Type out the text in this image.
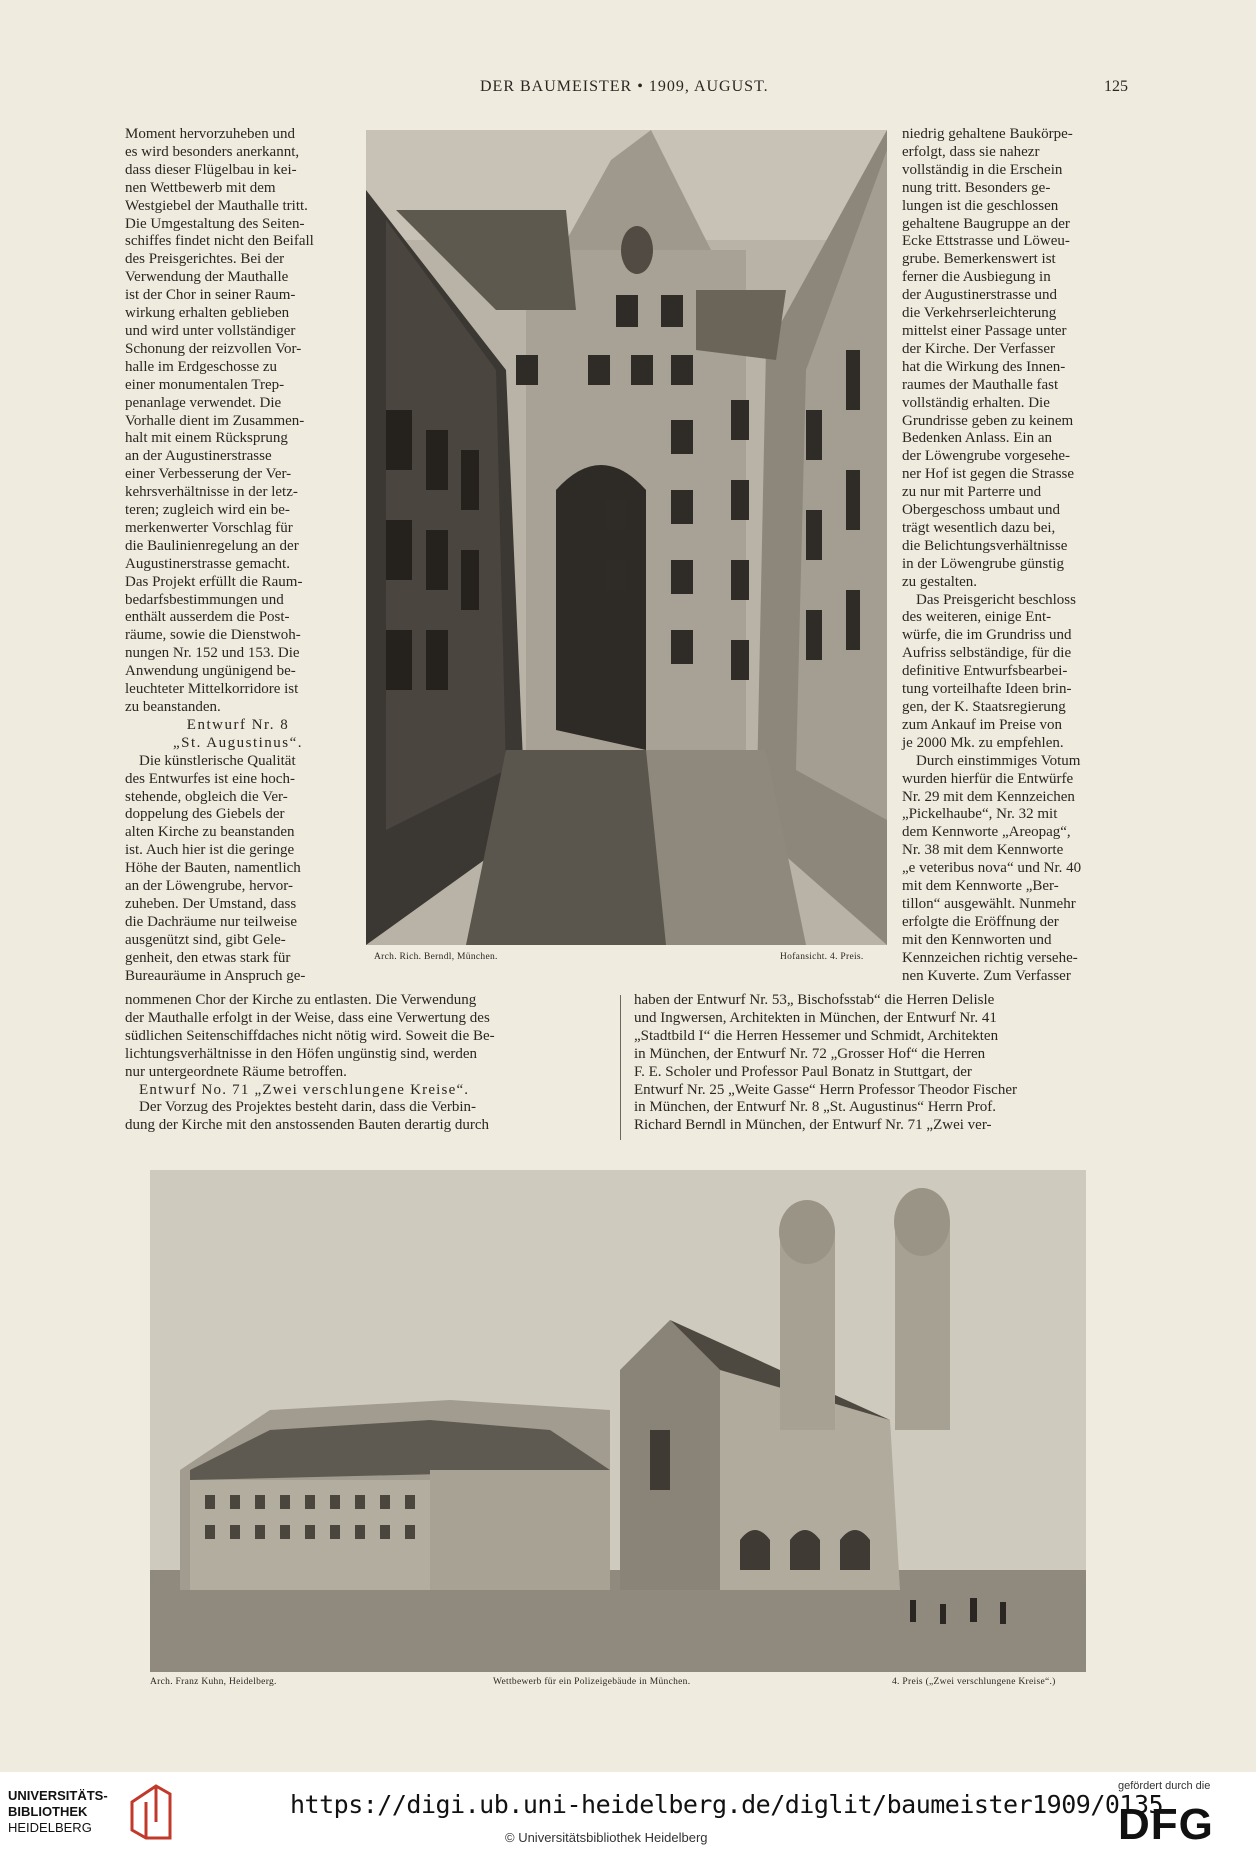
DER BAUMEISTER • 1909, AUGUST.	125

Moment hervorzuheben und

es wird besonders anerkannt,

dass dieser Flügelbau in kei-

nen Wettbewerb mit dem

Westgiebel der Mauthalle tritt.

Die Umgestaltung des Seiten-

schiffes findet nicht den Beifall

des Preisgerichtes. Bei der

Verwendung der Mauthalle

ist der Chor in seiner Raum-

wirkung erhalten geblieben

und wird unter vollständiger

Schonung der reizvollen Vor-

halle im Erdgeschosse zu

einer monumentalen Trep-

penanlage verwendet. Die

Vorhalle dient im Zusammen-

halt mit einem Rücksprung

an der Augustinerstrasse

einer Verbesserung der Ver-

kehrsverhältnisse in der letz-

teren; zugleich wird ein be-

merkenwerter Vorschlag für

die Baulinienregelung an der

Augustinerstrasse gemacht.

Das Projekt erfüllt die Raum-

bedarfsbestimmungen und

enthält ausserdem die Post-

räume, sowie die Dienstwoh-

nungen Nr. 152 und 153. Die

Anwendung ungünigend be-

leuchteter Mittelkorridore ist

zu beanstanden.

Entwurf Nr. 8

„St. Augustinus“.

Die künstlerische Qualität

des Entwurfes ist eine hoch-

stehende, obgleich die Ver-

doppelung des Giebels der

alten Kirche zu beanstanden

ist. Auch hier ist die geringe

Höhe der Bauten, namentlich

an der Löwengrube, hervor-

zuheben. Der Umstand, dass

die Dachräume nur teilweise

ausgenützt sind, gibt Gele-

genheit, den etwas stark für

Bureauräume in Anspruch ge-

Arch. Rich. Berndl, München.	Hofansicht. 4. Preis.

niedrig gehaltene Baukörpe-

erfolgt, dass sie nahezr

vollständig in die Erschein

nung tritt. Besonders ge-

lungen ist die geschlossen

gehaltene Baugruppe an der

Ecke Ettstrasse und Löweu-

grube. Bemerkenswert ist

ferner die Ausbiegung in

der Augustinerstrasse und

die Verkehrserleichterung

mittelst einer Passage unter

der Kirche. Der Verfasser

hat die Wirkung des Innen-

raumes der Mauthalle fast

vollständig erhalten. Die

Grundrisse geben zu keinem

Bedenken Anlass. Ein an

der Löwengrube vorgesehe-

ner Hof ist gegen die Strasse

zu nur mit Parterre und

Obergeschoss umbaut und

trägt wesentlich dazu bei,

die Belichtungsverhältnisse

in der Löwengrube günstig

zu gestalten.

Das Preisgericht beschloss

des weiteren, einige Ent-

würfe, die im Grundriss und

Aufriss selbständige, für die

definitive Entwurfsbearbei-

tung vorteilhafte Ideen brin-

gen, der K. Staatsregierung

zum Ankauf im Preise von

je 2000 Mk. zu empfehlen.

Durch einstimmiges Votum

wurden hierfür die Entwürfe

Nr. 29 mit dem Kennzeichen

„Pickelhaube“, Nr. 32 mit

dem Kennworte „Areopag“,

Nr. 38 mit dem Kennworte

„e veteribus nova“ und Nr. 40

mit dem Kennworte „Ber-

tillon“ ausgewählt. Nunmehr

erfolgte die Eröffnung der

mit den Kennworten und

Kennzeichen richtig versehe-

nen Kuverte. Zum Verfasser

nommenen Chor der Kirche zu entlasten. Die Verwendung

der Mauthalle erfolgt in der Weise, dass eine Verwertung des

südlichen Seitenschiffdaches nicht nötig wird. Soweit die Be-

lichtungsverhältnisse in den Höfen ungünstig sind, werden

nur untergeordnete Räume betroffen.

Entwurf No. 71 „Zwei verschlungene Kreise“.

Der Vorzug des Projektes besteht darin, dass die Verbin-

dung der Kirche mit den anstossenden Bauten derartig durch

haben der Entwurf Nr. 53„ Bischofsstab“ die Herren Delisle

und Ingwersen, Architekten in München, der Entwurf Nr. 41

„Stadtbild I“ die Herren Hessemer und Schmidt, Architekten

in München, der Entwurf Nr. 72 „Grosser Hof“ die Herren

F. E. Scholer und Professor Paul Bonatz in Stuttgart, der

Entwurf Nr. 25 „Weite Gasse“ Herrn Professor Theodor Fischer

in München, der Entwurf Nr. 8 „St. Augustinus“ Herrn Prof.

Richard Berndl in München, der Entwurf Nr. 71 „Zwei ver-

Arch. Franz Kuhn, Heidelberg.	Wettbewerb für ein Polizeigebäude in München.	4. Preis („Zwei verschlungene Kreise“.)
UNIVERSITÄTS-
BIBLIOTHEK
HEIDELBERG
https://digi.ub.uni-heidelberg.de/diglit/baumeister1909/0135
© Universitätsbibliothek Heidelberg
gefördert durch die
DFG
